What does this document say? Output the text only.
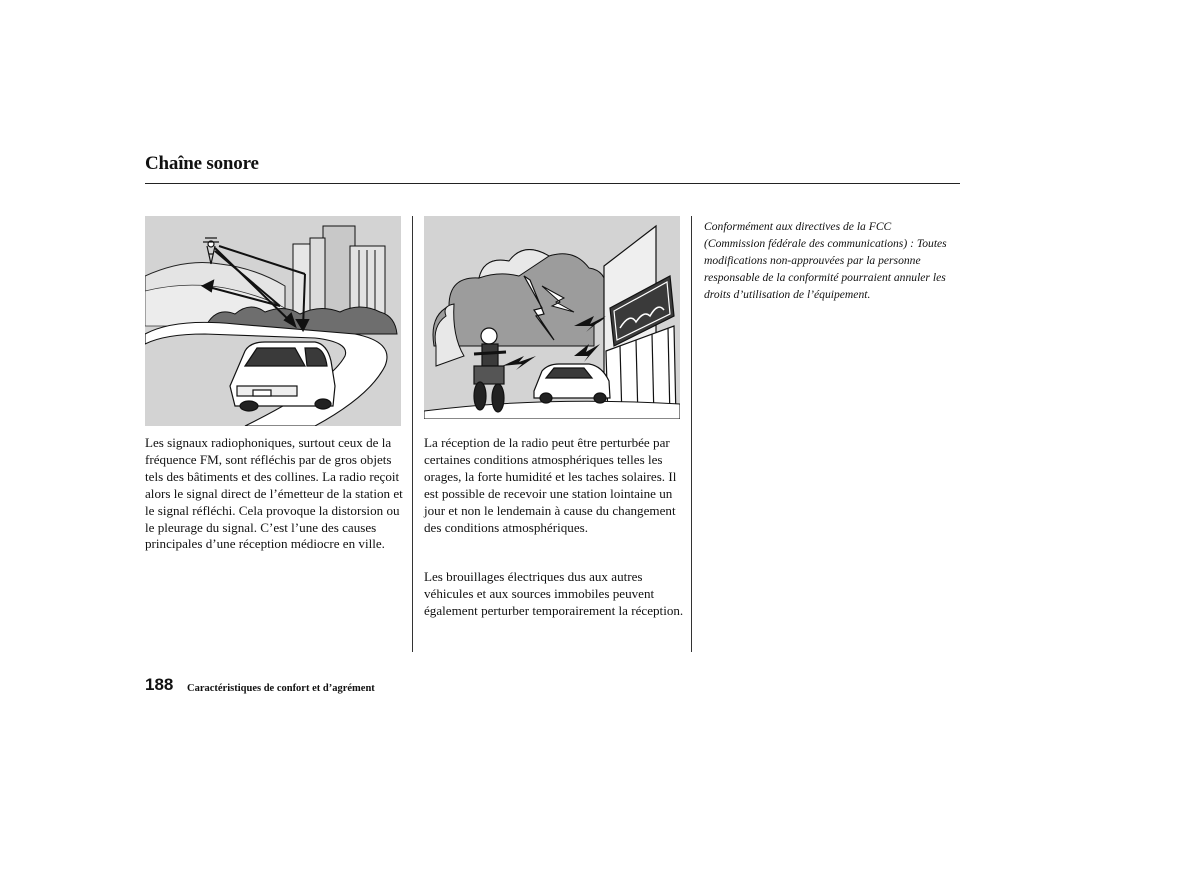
Chaîne sonore

Les signaux radiophoniques, surtout ceux de la fréquence FM, sont réfléchis par de gros objets tels des bâtiments et des collines. La radio reçoit alors le signal direct de l’émetteur de la station et le signal réfléchi. Cela provoque la distorsion ou le pleurage du signal. C’est l’une des causes principales d’une réception médiocre en ville.

La réception de la radio peut être perturbée par certaines conditions atmosphériques telles les orages, la forte humidité et les taches solaires. Il est possible de recevoir une station lointaine un jour et non le lendemain à cause du changement des conditions atmosphériques.

Les brouillages électriques dus aux autres véhicules et aux sources immobiles peuvent également perturber temporairement la réception.

Conformément aux directives de la FCC (Commission fédérale des communications) : Toutes modifications non-approuvées par la personne responsable de la conformité pourraient annuler les droits d’utilisation de l’équipement.

188 Caractéristiques de confort et d’agrément
